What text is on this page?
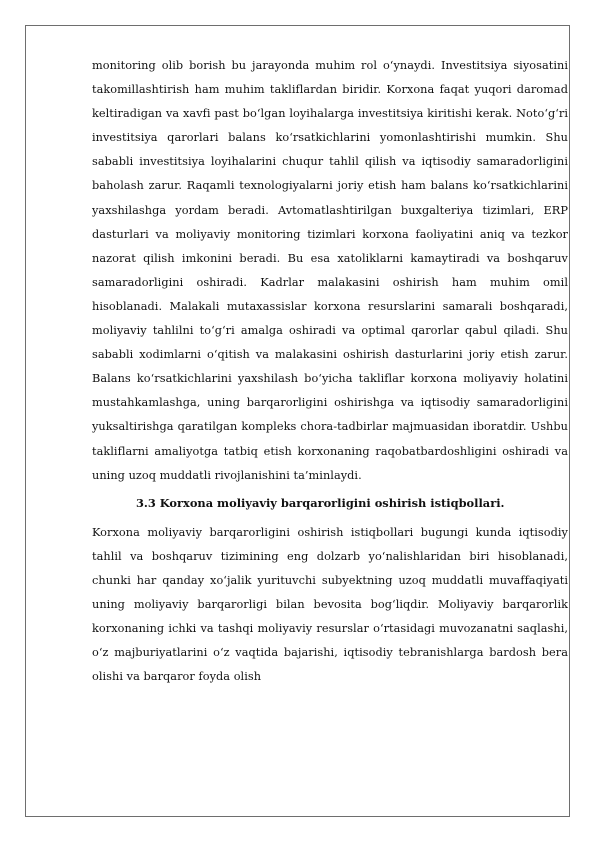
monitoring olib borish bu jarayonda muhim rol o‘ynaydi. Investitsiya siyosatini takomillashtirish ham muhim takliflardan biridir. Korxona faqat yuqori daromad keltiradigan va xavfi past bo‘lgan loyihalarga investitsiya kiritishi kerak. Noto‘g‘ri investitsiya qarorlari balans ko‘rsatkichlarini yomonlashtirishi mumkin. Shu sababli investitsiya loyihalarini chuqur tahlil qilish va iqtisodiy samaradorligini baholash zarur. Raqamli texnologiyalarni joriy etish ham balans ko‘rsatkichlarini yaxshilashga yordam beradi. Avtomatlashtirilgan buxgalteriya tizimlari, ERP dasturlari va moliyaviy monitoring tizimlari korxona faoliyatini aniq va tezkor nazorat qilish imkonini beradi. Bu esa xatoliklarni kamaytiradi va boshqaruv samaradorligini oshiradi. Kadrlar malakasini oshirish ham muhim omil hisoblanadi. Malakali mutaxassislar korxona resurslarini samarali boshqaradi, moliyaviy tahlilni to‘g‘ri amalga oshiradi va optimal qarorlar qabul qiladi. Shu sababli xodimlarni o‘qitish va malakasini oshirish dasturlarini joriy etish zarur. Balans ko‘rsatkichlarini yaxshilash bo‘yicha takliflar korxona moliyaviy holatini mustahkamlashga, uning barqarorligini oshirishga va iqtisodiy samaradorligini yuksaltirishga qaratilgan kompleks chora-tadbirlar majmuasidan iboratdir. Ushbu takliflarni amaliyotga tatbiq etish korxonaning raqobatbardoshligini oshiradi va uning uzoq muddatli rivojlanishini ta’minlaydi.

3.3 Korxona moliyaviy barqarorligini oshirish istiqbollari.

Korxona moliyaviy barqarorligini oshirish istiqbollari bugungi kunda iqtisodiy tahlil va boshqaruv tizimining eng dolzarb yo‘nalishlaridan biri hisoblanadi, chunki har qanday xo‘jalik yurituvchi subyektning uzoq muddatli muvaffaqiyati uning moliyaviy barqarorligi bilan bevosita bog‘liqdir. Moliyaviy barqarorlik korxonaning ichki va tashqi moliyaviy resurslar o‘rtasidagi muvozanatni saqlashi, o‘z majburiyatlarini o‘z vaqtida bajarishi, iqtisodiy tebranishlarga bardosh bera olishi va barqaror foyda olish
